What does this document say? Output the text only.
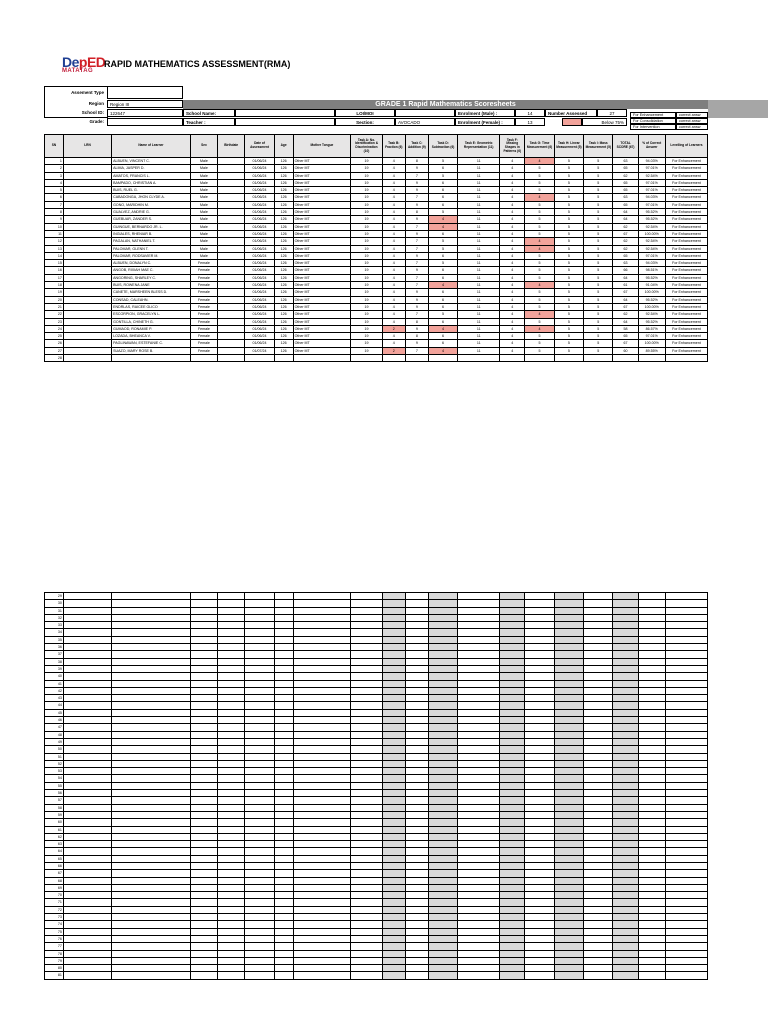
DepED
MATATAG
RAPID MATHEMATICS ASSESSMENT(RMA)
Assement Type
Region	Region III
School ID:	122647
Grade:
GRADE 1 Rapid Mathematics Scoresheets
School Name:	LOI/MOI
Teacher :	Section:	AVOCADO
Enrolment (Male) :	14
Enrolment (Female) :	13
Number Assessed	27
Below 75%
For Enhancement	correct answ
For Consolidation	correct answ
For Intervention	correct answ
SN	LRN	Name of Learner	Sex	Birthdate	Date of Assessment	Age	Mother Tongue	Task A: No. Identification & Discrimination (10)	Task B: Fraction (6)	Task C: Addition (9)	Task D: Subtraction (6)	Task E: Geometric Representation (11)	Task F: Missing Shapes in Patterns (6)	Task G: Time Measurement (6)	Task H: Linear Measurement (5)	Task I: Mass Measurement (5)	TOTAL SCORE (67)	% of Correct Answer	Levelling of Learners
1		ALBUEN, VINCENT C.	Male		01/06/24	126	Other MT	19	4	8	5	11	4	4	5	5	63	94.03%	For Enhancement
2		ALIMA, JASPER D.	Male		01/06/24	126	Other MT	19	4	9	6	11	4	5	5	5	65	97.01%	For Enhancement
3		AMATOS, FRANCIS L.	Male		01/06/24	126	Other MT	19	4	7	5	11	4	5	5	5	62	92.54%	For Enhancement
4		BAMPADO, CHRISTIAN A.	Male		01/06/24	126	Other MT	19	4	9	6	11	4	5	5	5	65	97.01%	For Enhancement
5		BUIS, RUEL G.	Male		01/06/24	126	Other MT	19	4	9	6	11	4	5	5	5	65	97.01%	For Enhancement
6		CABADONGA, JHON CLYDE A.	Male		01/06/24	126	Other MT	19	4	7	6	11	4	4	5	5	63	94.03%	For Enhancement
7		GONO, MARIDHIN M.	Male		01/06/24	126	Other MT	19	4	9	6	11	4	5	5	5	65	97.01%	For Enhancement
8		GUALVEZ, ANDRIE G.	Male		01/06/24	126	Other MT	19	4	8	5	11	4	5	5	5	64	95.52%	For Enhancement
9		GUEBUAR, ZANDER S.	Male		01/06/24	126	Other MT	19	4	9	4	11	4	5	5	5	64	95.52%	For Enhancement
10		GUINGUE, BERNARDO JR. L.	Male		01/06/24	126	Other MT	19	4	7	4	11	4	5	5	5	62	92.54%	For Enhancement
11		INGIALES, RHENIAR B.	Male		01/06/24	126	Other MT	19	4	9	6	11	4	5	5	5	67	100.00%	For Enhancement
12		PAGALAN, NATHANIEL T.	Male		01/06/24	126	Other MT	19	4	7	5	11	4	4	5	5	62	92.54%	For Enhancement
13		PALOMAR, GLENN T.	Male		01/06/24	126	Other MT	19	4	7	5	11	4	4	5	5	62	92.54%	For Enhancement
14		PALOMAR, RODSAVIER M.	Male		01/06/24	126	Other MT	19	4	9	6	11	4	5	5	5	65	97.01%	For Enhancement
15		ALBUEN, DONALYN C.	Female		01/06/24	126	Other MT	19	4	7	5	11	4	5	5	5	63	94.03%	For Enhancement
16		ANGOB, RIXIAH MAE C.	Female		01/06/24	126	Other MT	19	4	9	6	11	4	5	5	5	66	98.51%	For Enhancement
17		ANGORING, SHARLEY C.	Female		01/06/24	126	Other MT	19	4	7	6	11	4	5	5	5	64	95.52%	For Enhancement
18		BUIS, ROWENA JANE	Female		01/06/24	126	Other MT	19	4	7	4	11	4	4	5	5	61	91.04%	For Enhancement
19		CANETE, MARSHEEN BLESS D.	Female		01/06/24	126	Other MT	19	4	9	6	11	4	5	5	5	67	100.00%	For Enhancement
20		CONSAD, CALEAHN.	Female		01/06/24	126	Other MT	19	4	9	6	11	4	5	5	5	64	95.52%	For Enhancement
21		ENDRLAS, RAICEE GLICO	Female		01/06/24	126	Other MT	19	4	9	6	11	4	5	5	5	67	100.00%	For Enhancement
22		ESCORPION, GRACELYN L.	Female		01/06/24	126	Other MT	19	4	7	5	11	4	4	5	5	62	92.54%	For Enhancement
23		GONTILLA, CHINETH G.	Female		01/06/24	126	Other MT	19	4	8	6	11	4	5	5	5	64	95.52%	For Enhancement
24		GUMAOD, RONAMIE P.	Female		01/06/24	126	Other MT	19	2	9	4	11	4	4	5	5	58	86.57%	For Enhancement
25		LOZADA, BHEANCA V.	Female		01/06/24	126	Other MT	19	4	8	6	11	4	5	5	5	65	97.01%	For Enhancement
26		PAGLINAWAN, ESTEFANIE C.	Female		01/06/24	126	Other MT	19	4	9	6	11	4	5	5	5	67	100.00%	For Enhancement
27		SUAZO, MARY ROSE B.	Female		01/07/24	126	Other MT	19	2	7	4	11	4	5	5	5	60	89.55%	For Enhancement
28																			
29																			
30																			
31																			
32																			
33																			
34																			
35																			
36																			
37																			
38																			
39																			
40																			
41																			
42																			
43																			
44																			
45																			
46																			
47																			
48																			
49																			
50																			
51																			
52																			
53																			
54																			
55																			
56																			
57																			
58																			
59																			
60																			
61																			
62																			
63																			
64																			
65																			
66																			
67																			
68																			
69																			
70																			
71																			
72																			
73																			
74																			
75																			
76																			
77																			
78																			
79																			
80																			
81																			
